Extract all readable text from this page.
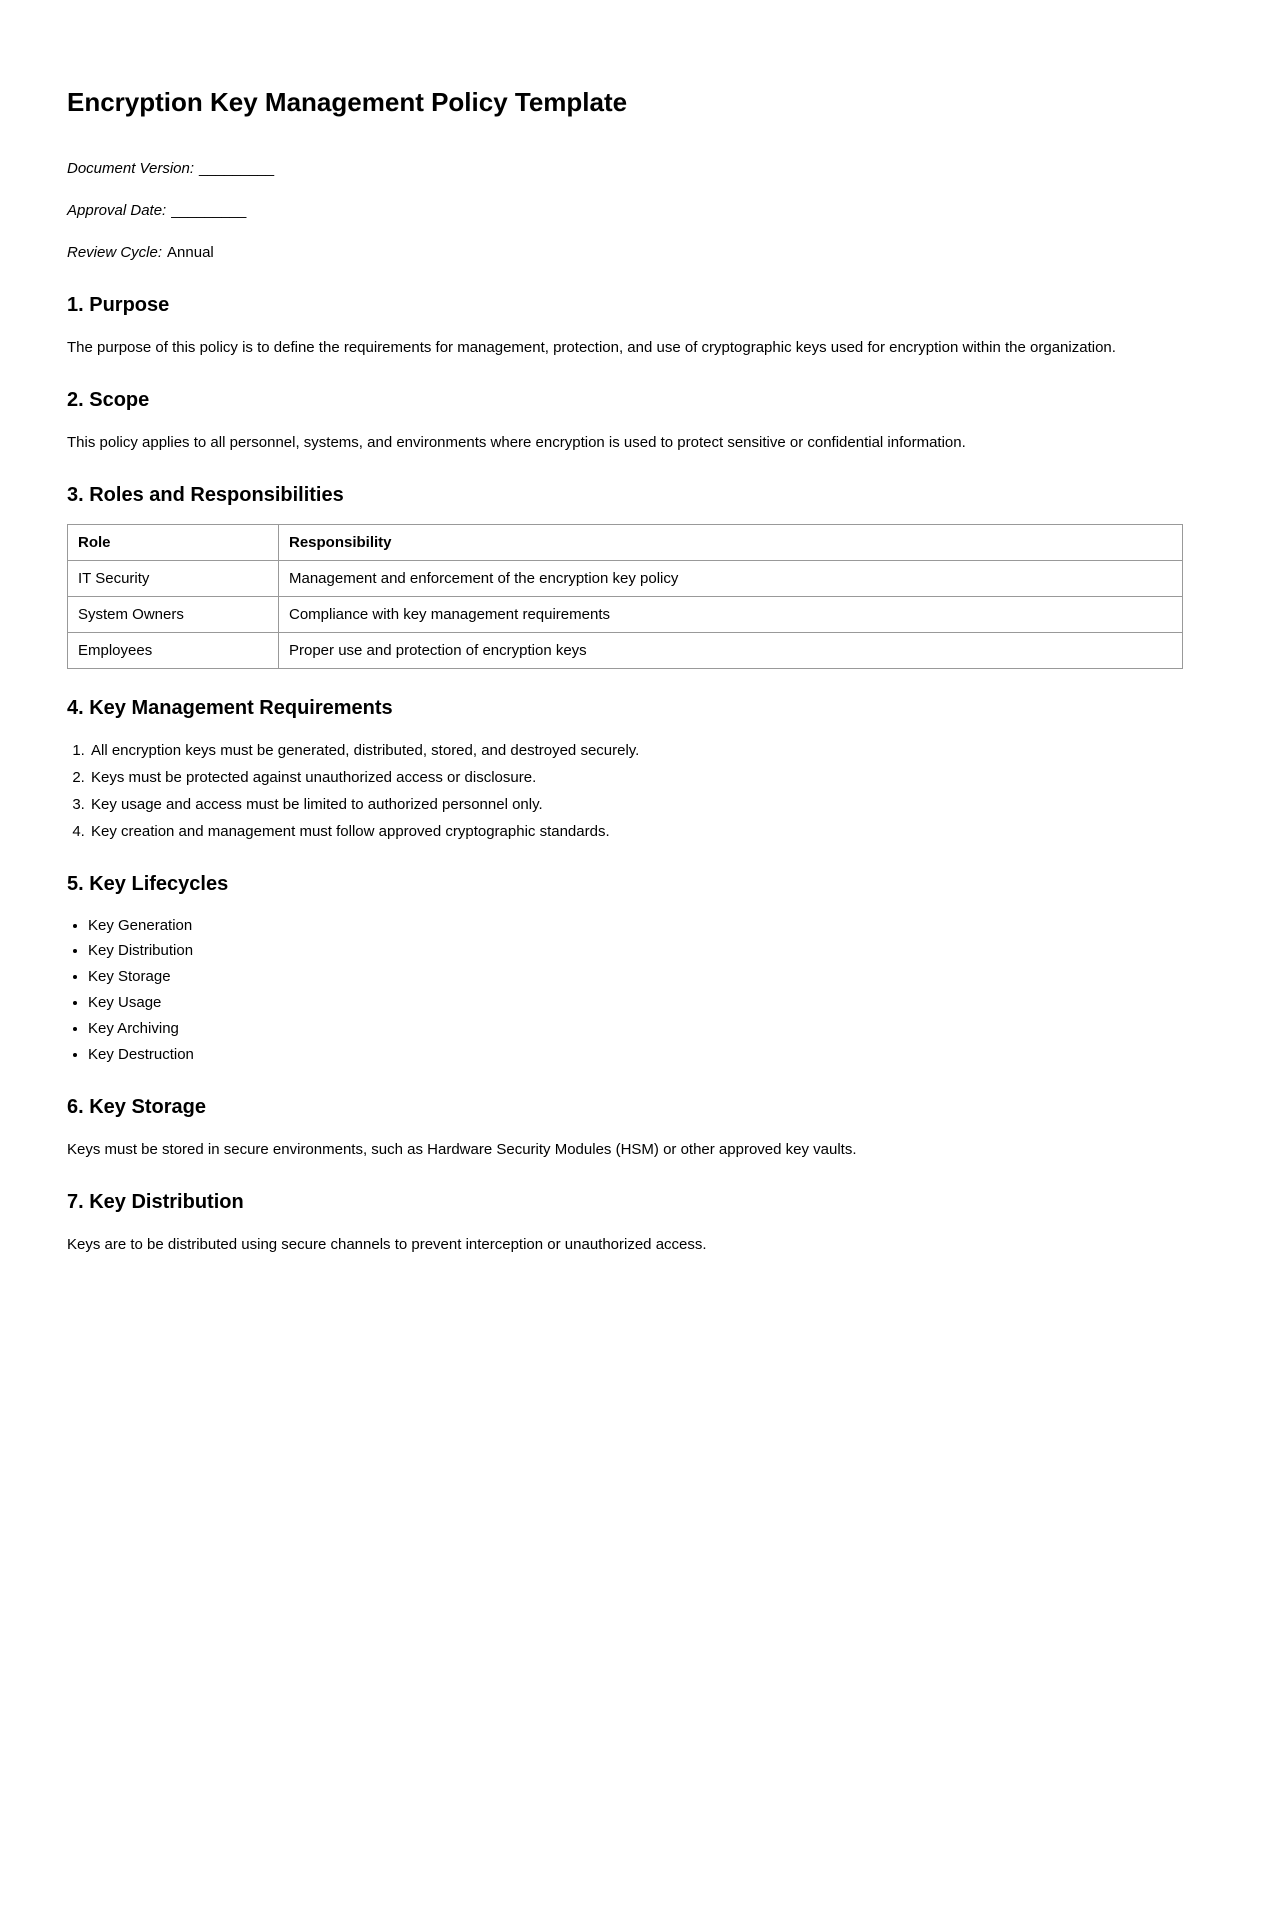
Encryption Key Management Policy Template

Document Version: _________

Approval Date: _________

Review Cycle: Annual

1. Purpose

The purpose of this policy is to define the requirements for management, protection, and use of cryptographic keys used for encryption within the organization.

2. Scope

This policy applies to all personnel, systems, and environments where encryption is used to protect sensitive or confidential information.

3. Roles and Responsibilities
Role	Responsibility
IT Security	Management and enforcement of the encryption key policy
System Owners	Compliance with key management requirements
Employees	Proper use and protection of encryption keys
4. Key Management Requirements
1. All encryption keys must be generated, distributed, stored, and destroyed securely.
2. Keys must be protected against unauthorized access or disclosure.
3. Key usage and access must be limited to authorized personnel only.
4. Key creation and management must follow approved cryptographic standards.
5. Key Lifecycles
• Key Generation
• Key Distribution
• Key Storage
• Key Usage
• Key Archiving
• Key Destruction
6. Key Storage

Keys must be stored in secure environments, such as Hardware Security Modules (HSM) or other approved key vaults.

7. Key Distribution

Keys are to be distributed using secure channels to prevent interception or unauthorized access.
